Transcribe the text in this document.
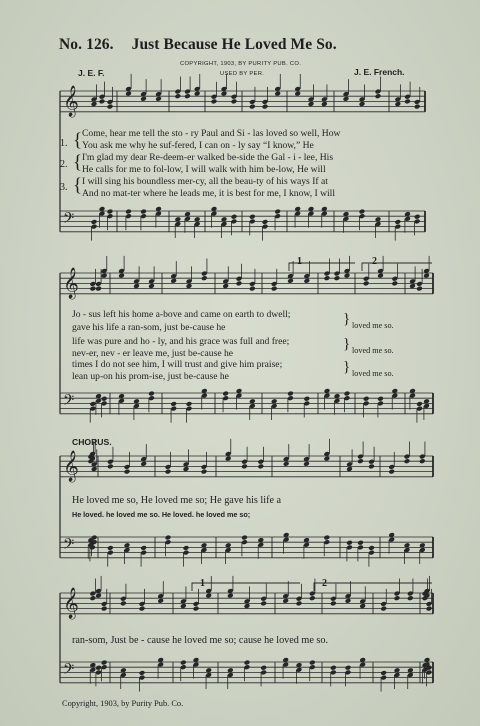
𝄞
𝄢
𝄞
𝄢
𝄞
𝄢
𝄞
𝄢
No. 126. Just Because He Loved Me So.
COPYRIGHT, 1903, BY PURITY PUB. CO.
USED BY PER.
J. E. F.	J. E. French.
1.
2.
3.
{
{
{
Come, hear me tell the sto - ry Paul and Si - las loved so well, How
You ask me why he suf-fered, I can on - ly say “I know,” He
I'm glad my dear Re-deem-er walked be-side the Gal - i - lee, His
He calls for me to fol-low, I will walk with him be-low, He will
I will sing his boundless mer-cy, all the beau-ty of his ways If at
And no mat-ter where he leads me, it is best for me, I know, I will
Jo - sus left his home a-bove and came on earth to dwell;
gave his life a ran-som, just be-cause he
life was pure and ho - ly, and his grace was full and free;
nev-er, nev - er leave me, just be-cause he
times I do not see him, I will trust and give him praise;
lean up-on his prom-ise, just be-cause he
}
}
}
loved me so.
loved me so.
loved me so.
1	2
CHORUS.
He loved me so, He loved me so; He gave his life a
He loved. he loved me so. He loved. he loved me so;
ran-som, Just be - cause he loved me so; cause he loved me so.
1	2
Copyright, 1903, by Purity Pub. Co.
